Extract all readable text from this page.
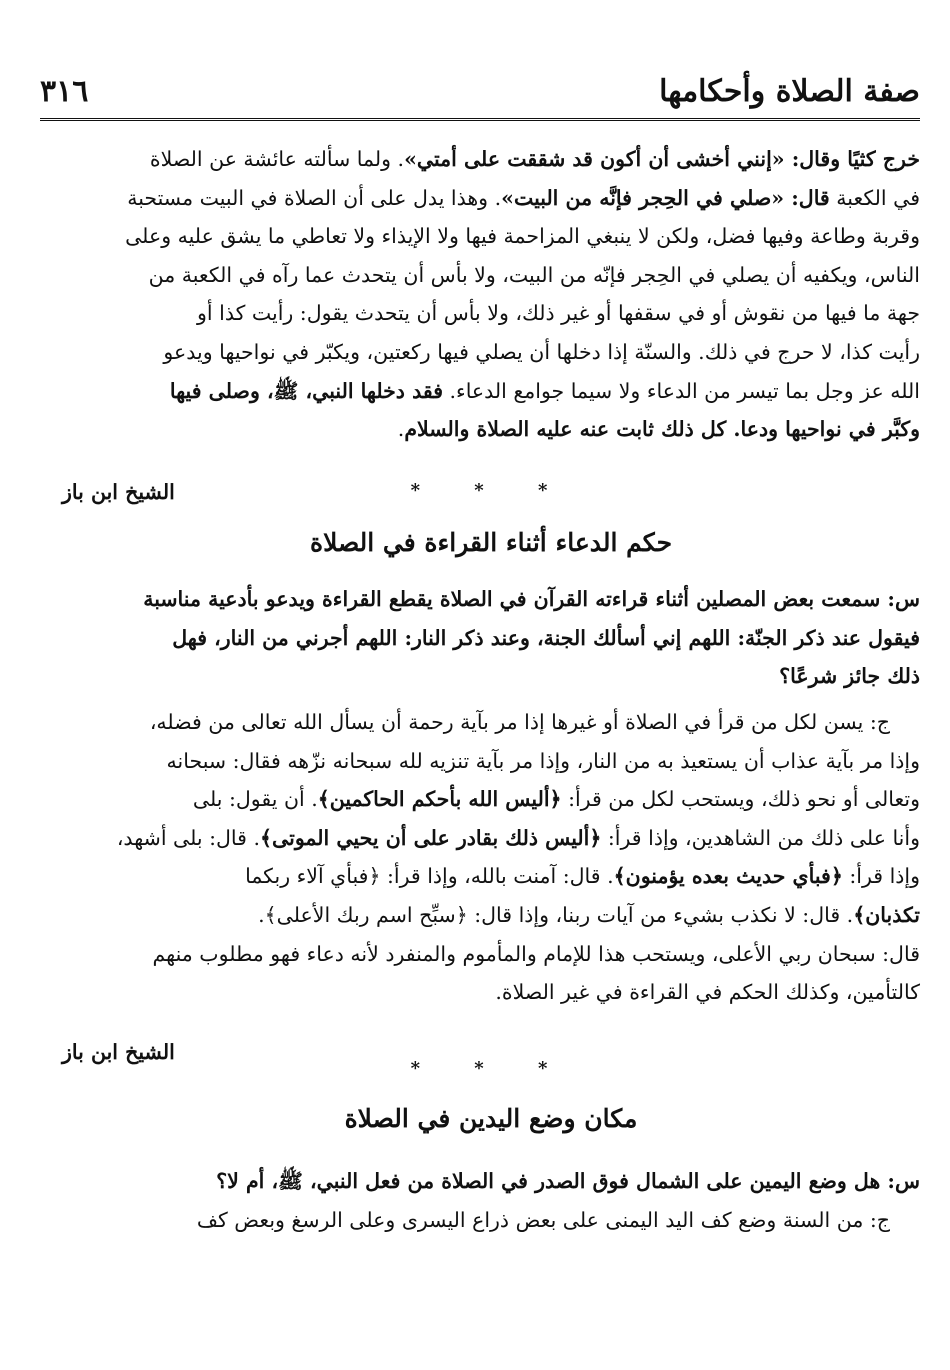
صفة الصلاة وأحكامها
٣١٦

خرج كثيًا وقال: «إنني أخشى أن أكون قد شققت على أمتي». ولما سألته عائشة عن الصلاة

في الكعبة قال: «صلي في الحِجر فإنَّه من البيت». وهذا يدل على أن الصلاة في البيت مستحبة

وقربة وطاعة وفيها فضل، ولكن لا ينبغي المزاحمة فيها ولا الإيذاء ولا تعاطي ما يشق عليه وعلى

الناس، ويكفيه أن يصلي في الحِجر فإنّه من البيت، ولا بأس أن يتحدث عما رآه في الكعبة من

جهة ما فيها من نقوش أو في سقفها أو غير ذلك، ولا بأس أن يتحدث يقول: رأيت كذا أو

رأيت كذا، لا حرج في ذلك. والسنّة إذا دخلها أن يصلي فيها ركعتين، ويكبّر في نواحيها ويدعو

الله عز وجل بما تيسر من الدعاء ولا سيما جوامع الدعاء. فقد دخلها النبي، ﷺ، وصلى فيها

وكبَّر في نواحيها ودعا. كل ذلك ثابت عنه عليه الصلاة والسلام.

* * *
الشيخ ابن باز
حكم الدعاء أثناء القراءة في الصلاة

س: سمعت بعض المصلين أثناء قراءته القرآن في الصلاة يقطع القراءة ويدعو بأدعية مناسبة

فيقول عند ذكر الجنّة: اللهم إني أسألك الجنة، وعند ذكر النار: اللهم أجرني من النار، فهل

ذلك جائز شرعًا؟

ج: يسن لكل من قرأ في الصلاة أو غيرها إذا مر بآية رحمة أن يسأل الله تعالى من فضله،

وإذا مر بآية عذاب أن يستعيذ به من النار، وإذا مر بآية تنزيه لله سبحانه نزّهه فقال: سبحانه

وتعالى أو نحو ذلك، ويستحب لكل من قرأ: ﴿أليس الله بأحكم الحاكمين﴾. أن يقول: بلى

وأنا على ذلك من الشاهدين، وإذا قرأ: ﴿أليس ذلك بقادر على أن يحيي الموتى﴾. قال: بلى أشهد،

وإذا قرأ: ﴿فبأي حديث بعده يؤمنون﴾. قال: آمنت بالله، وإذا قرأ: ﴿فبأي آلاء ربكما

تكذبان﴾. قال: لا نكذب بشيء من آيات ربنا، وإذا قال: ﴿سبِّح اسم ربك الأعلى﴾.

قال: سبحان ربي الأعلى، ويستحب هذا للإمام والمأموم والمنفرد لأنه دعاء فهو مطلوب منهم

كالتأمين، وكذلك الحكم في القراءة في غير الصلاة.

الشيخ ابن باز
* * *
مكان وضع اليدين في الصلاة

س: هل وضع اليمين على الشمال فوق الصدر في الصلاة من فعل النبي، ﷺ، أم لا؟

ج: من السنة وضع كف اليد اليمنى على بعض ذراع اليسرى وعلى الرسغ وبعض كف
